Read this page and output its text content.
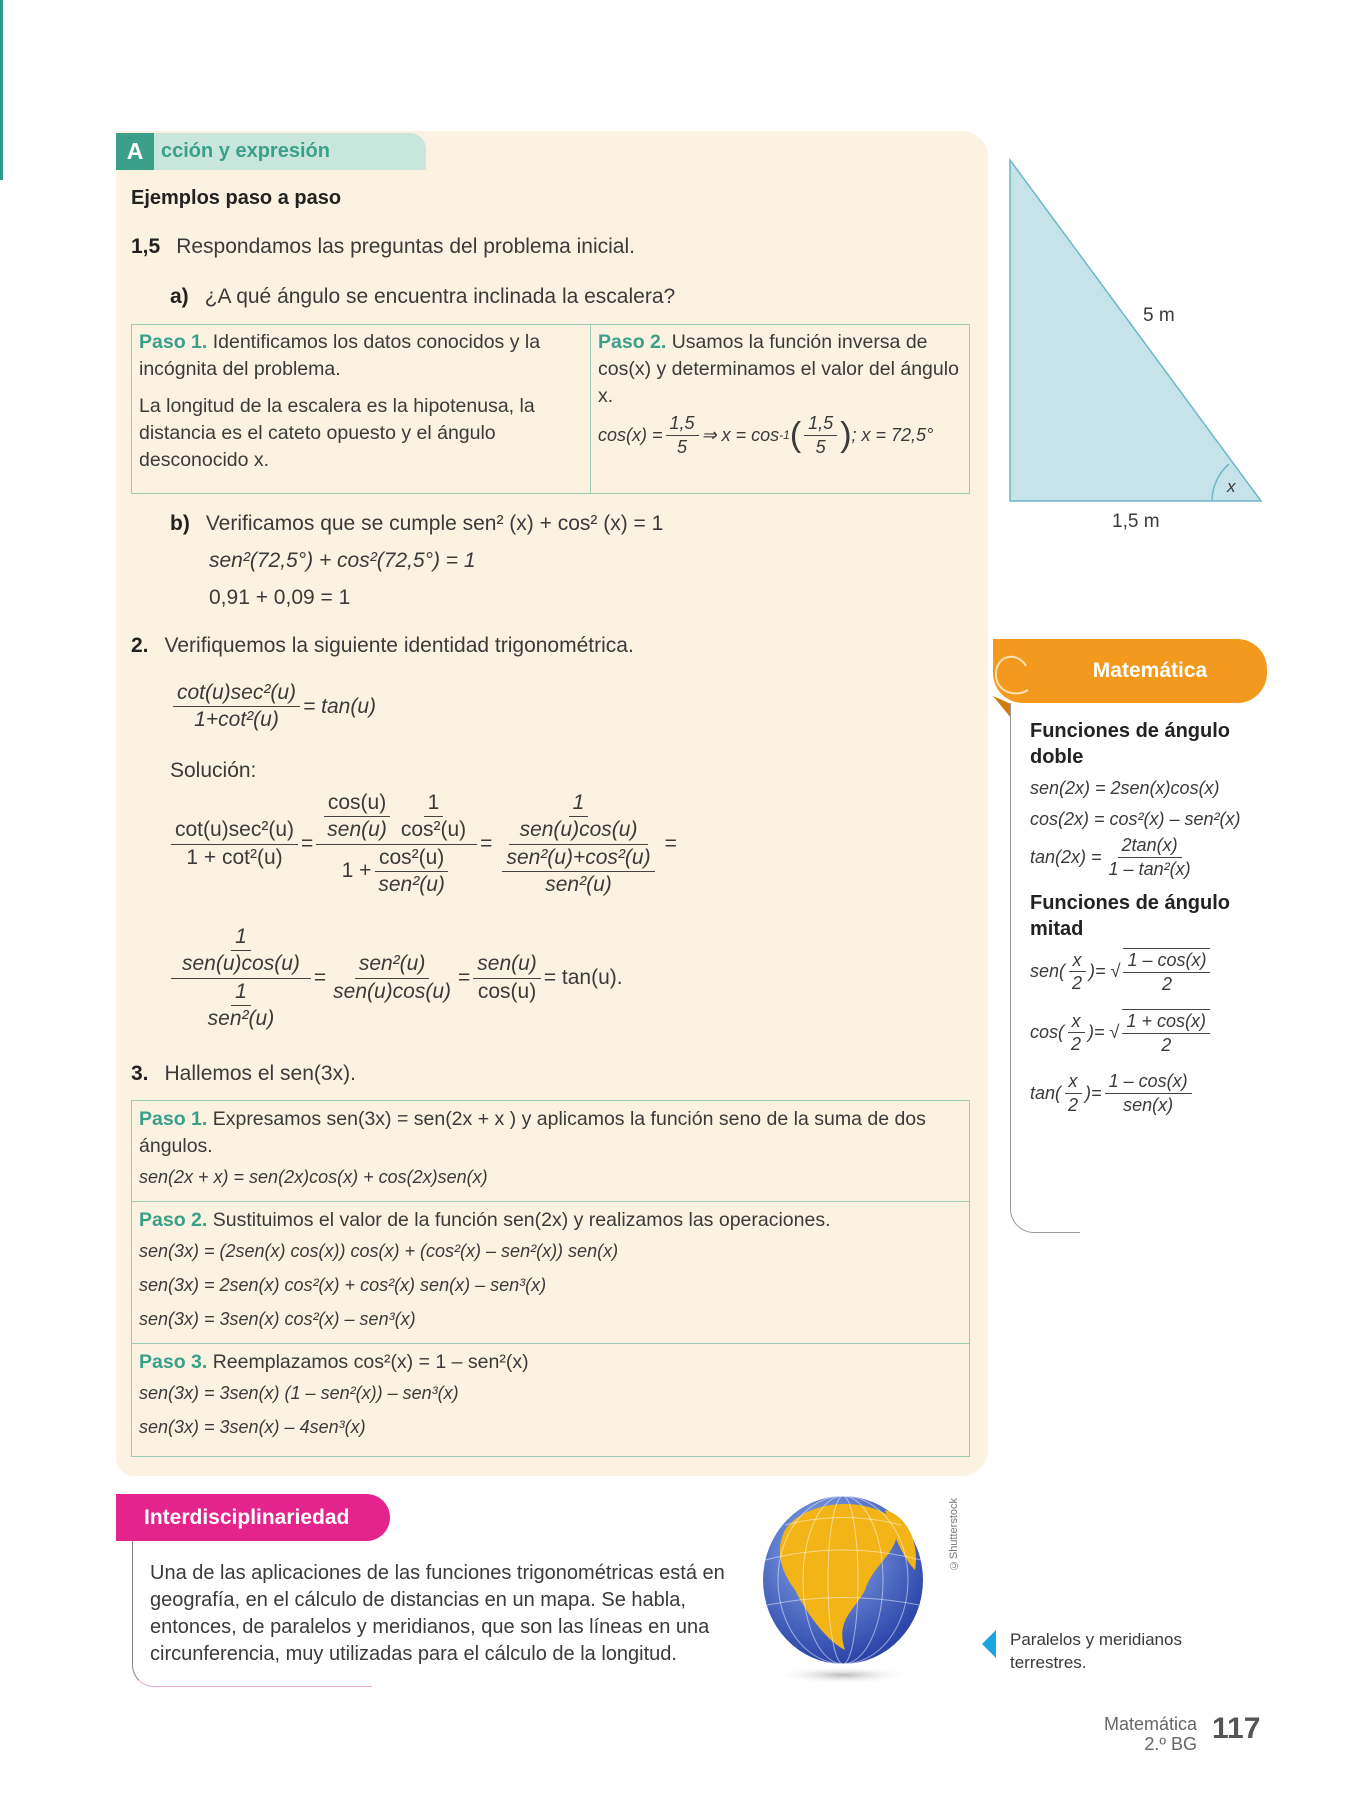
A cción y expresión
Ejemplos paso a paso
1,5 Respondamos las preguntas del problema inicial.
a) ¿A qué ángulo se encuentra inclinada la escalera?
Paso 1. Identificamos los datos conocidos y la incógnita del problema.
La longitud de la escalera es la hipotenusa, la distancia es el cateto opuesto y el ángulo desconocido x.
Paso 2. Usamos la función inversa de cos(x) y determinamos el valor del ángulo x.
$\cos(x) = \frac{1,5}{5}$ ⇒ x = cos -1 ( $\frac{1,5}{5}$ ) ; x = 72,5°
b) Verificamos que se cumple sen² (x) + cos² (x) = 1
sen²(72,5°) + cos²(72,5°) = 1
0,91 + 0,09 = 1
2. Verifiquemos la siguiente identidad trigonométrica.
$\frac{\text{cot(u)sec²(u)}}{\text{1+cot²(u)}} = \tan(u)$
Solución:
$\frac{\text{cot(u)sec²(u)}}{\text{1 + cot²(u)}} = \frac{\frac{\cos(u)}{\text{sen(u)}} \frac{1}{\text{cos²(u)}}}{1 + \frac{\text{cos²(u)}}{\text{sen²(u)}}} = \frac{\frac{1}{\text{sen(u)cos(u)}}}{\frac{\text{sen²(u)+cos²(u)}}{\text{sen²(u)}}}$ =
$\frac{\frac{1}{\text{sen(u)cos(u)}}}{\frac{1}{\text{sen²(u)}}} = \frac{\text{sen²(u)}}{\text{sen(u)cos(u)}} = \frac{\text{sen(u)}}{\cos(u)} = \tan(u)$.
3. Hallemos el sen(3x).
Paso 1. Expresamos sen(3x) = sen(2x + x ) y aplicamos la función seno de la suma de dos ángulos.
sen(2x + x) = sen(2x)cos(x) + cos(2x)sen(x)
Paso 2. Sustituimos el valor de la función sen(2x) y realizamos las operaciones.
sen(3x) = (2sen(x) cos(x)) cos(x) + (cos²(x) – sen²(x)) sen(x)
sen(3x) = 2sen(x) cos²(x) + cos²(x) sen(x) – sen³(x)
sen(3x) = 3sen(x) cos²(x) – sen³(x)
Paso 3. Reemplazamos cos²(x) = 1 – sen²(x)
sen(3x) = 3sen(x) (1 – sen²(x)) – sen³(x)
sen(3x) = 3sen(x) – 4sen³(x)
5 m
x
1,5 m
Matemática
Funciones de ángulo doble
sen(2x) = 2sen(x)cos(x)
cos(2x) = cos²(x) – sen²(x)
$\tan(2x) = \frac{2\tan(x)}{\text{1 – tan²(x)}}$
Funciones de ángulo mitad
sen ( $\frac{x}{2}$ ) = √ $\frac{1 - \cos(x)}{2}$
cos ( $\frac{x}{2}$ ) = √ $\frac{1 + \cos(x)}{2}$
tan ( $\frac{x}{2}$ ) = $\frac{1 - \cos(x)}{\text{sen(x)}}$
Interdisciplinariedad
Una de las aplicaciones de las funciones trigonométricas está en geografía, en el cálculo de distancias en un mapa. Se habla, entonces, de paralelos y meridianos, que son las líneas en una circunferencia, muy utilizadas para el cálculo de la longitud.
©Shutterstock
Paralelos y meridianos terrestres.
Matemática
2.º BG 117
